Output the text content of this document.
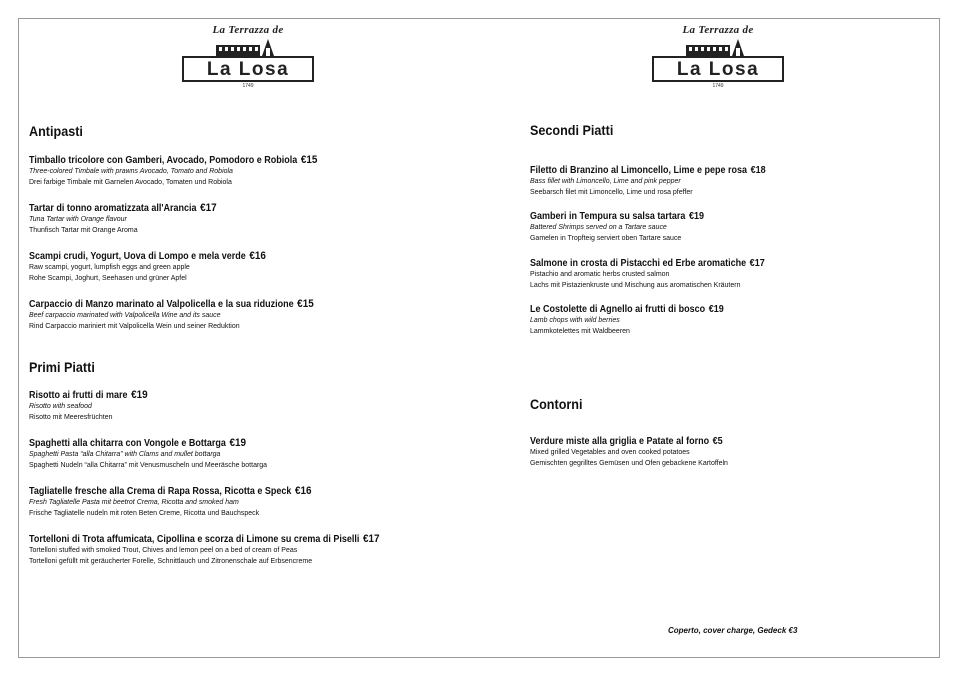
La Terrazza de
La Losa
1749
La Terrazza de
La Losa
1749
Antipasti
Timballo tricolore con Gamberi, Avocado, Pomodoro e Robiola €15
Three-colored Timbale with prawns Avocado, Tomato and Robiola
Drei farbige Timbale mit Garnelen Avocado, Tomaten und Robiola
Tartar di tonno aromatizzata all'Arancia €17
Tuna Tartar with Orange flavour
Thunfisch Tartar mit Orange Aroma
Scampi crudi, Yogurt, Uova di Lompo e mela verde €16
Raw scampi, yogurt, lumpfish eggs and green apple
Rohe Scampi, Joghurt, Seehasen und grüner Apfel
Carpaccio di Manzo marinato al Valpolicella e la sua riduzione €15
Beef carpaccio marinated with Valpolicella Wine and its sauce
Rind Carpaccio mariniert mit Valpolicella Wein und seiner Reduktion
Primi Piatti
Risotto ai frutti di mare €19
Risotto with seafood
Risotto mit Meeresfrüchten
Spaghetti alla chitarra con Vongole e Bottarga €19
Spaghetti Pasta “alla Chitarra” with Clams and mullet bottarga
Spaghetti Nudeln “alla Chitarra” mit Venusmuscheln und Meeräsche bottarga
Tagliatelle fresche alla Crema di Rapa Rossa, Ricotta e Speck €16
Fresh Tagliatelle Pasta mit beetrot Crema, Ricotta and smoked ham
Frische Tagliatelle nudeln mit roten Beten Creme, Ricotta und Bauchspeck
Tortelloni di Trota affumicata, Cipollina e scorza di Limone su crema di Piselli €17
Tortelloni stuffed with smoked Trout, Chives and lemon peel on a bed of cream of Peas
Tortelloni gefüllt mit geräucherter Forelle, Schnittlauch und Zitronenschale auf Erbsencreme
Secondi Piatti
Filetto di Branzino al Limoncello, Lime e pepe rosa €18
Bass fillet with Limoncello, Lime and pink pepper
Seebarsch filet mit Limoncello, Lime und rosa pfeffer
Gamberi in Tempura su salsa tartara €19
Battered Shrimps served on a Tartare sauce
Gamelen in Tropfteig serviert oben Tartare sauce
Salmone in crosta di Pistacchi ed Erbe aromatiche €17
Pistachio and aromatic herbs crusted salmon
Lachs mit Pistazienkruste und Mischung aus aromatischen Kräutern
Le Costolette di Agnello ai frutti di bosco €19
Lamb chops with wild berries
Lammkotelettes mit Waldbeeren
Contorni
Verdure miste alla griglia e Patate al forno €5
Mixed grilled Vegetables and oven cooked potatoes
Gemischten gegrilltes Gemüsen und Ofen gebackene Kartoffeln
Coperto, cover charge, Gedeck €3
